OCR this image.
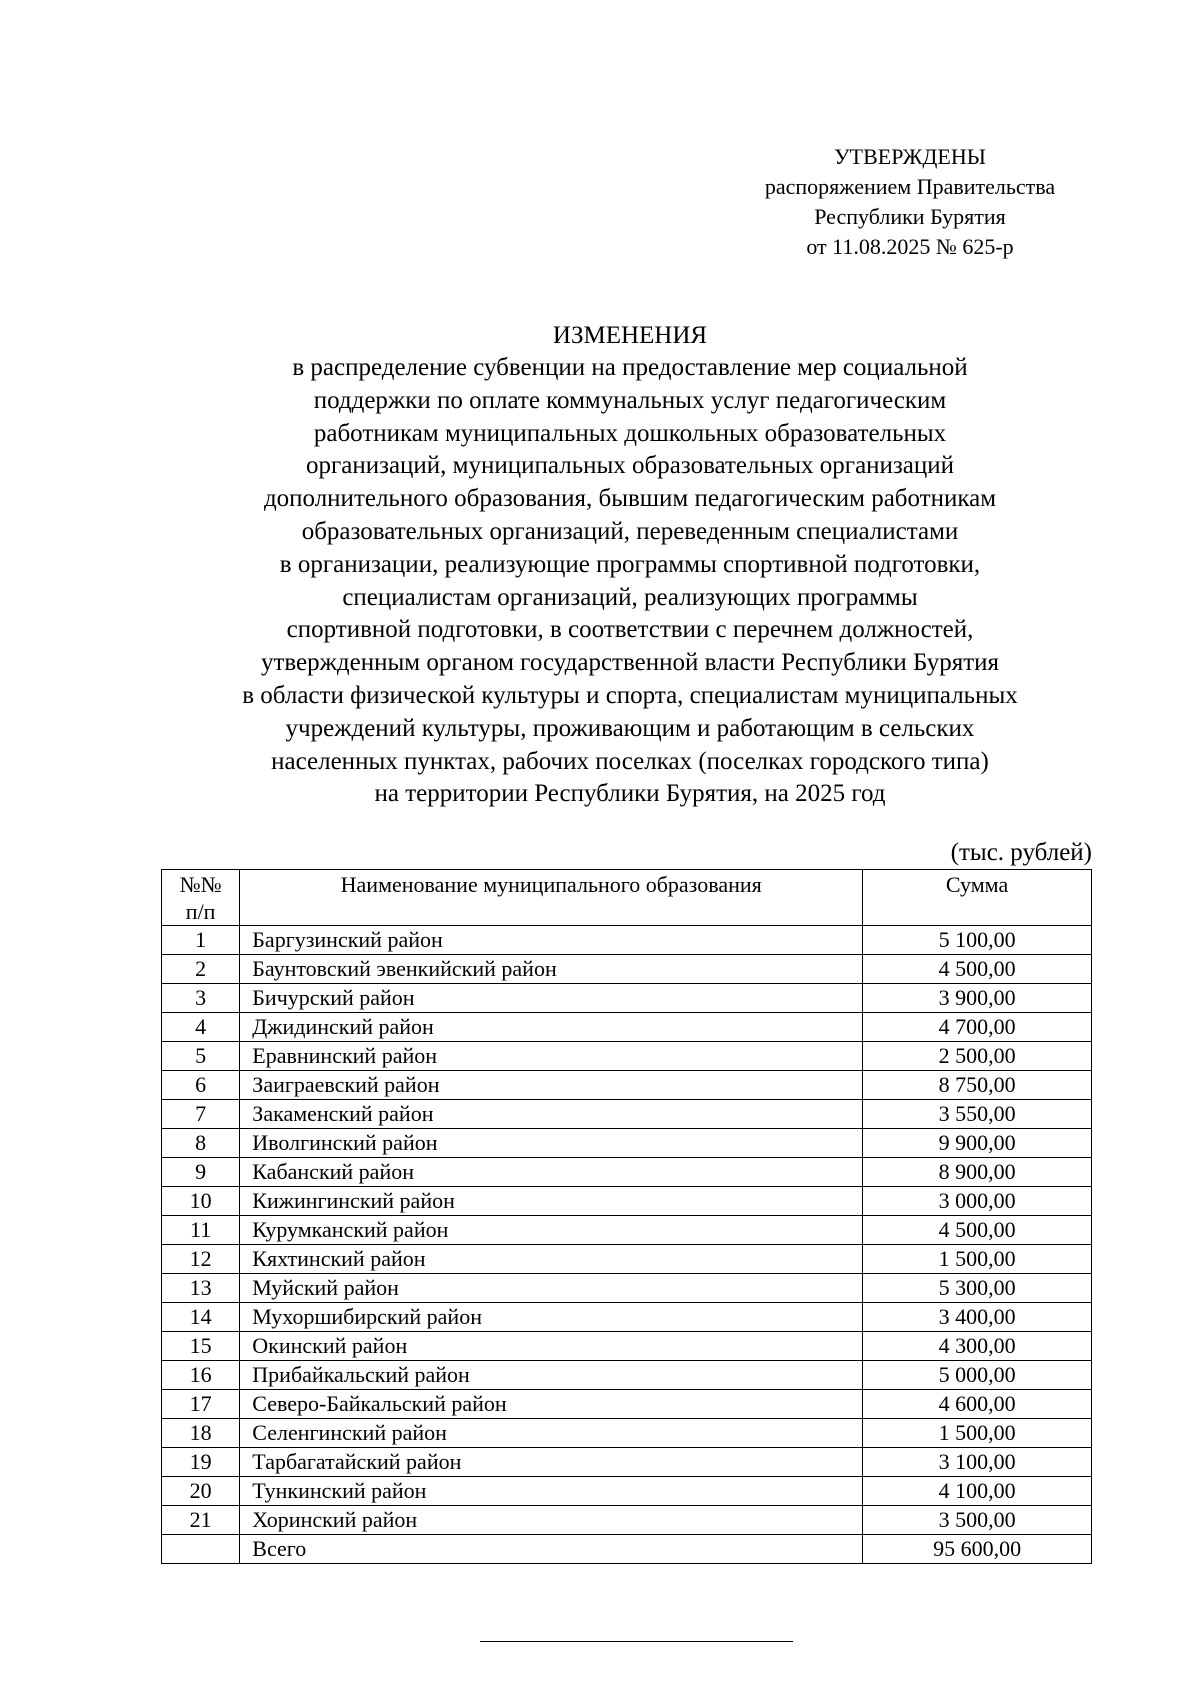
УТВЕРЖДЕНЫ
распоряжением Правительства
Республики Бурятия
от 11.08.2025 № 625-р
ИЗМЕНЕНИЯ
в распределение субвенции на предоставление мер социальной
поддержки по оплате коммунальных услуг педагогическим
работникам муниципальных дошкольных образовательных
организаций, муниципальных образовательных организаций
дополнительного образования, бывшим педагогическим работникам
образовательных организаций, переведенным специалистами
в организации, реализующие программы спортивной подготовки,
специалистам организаций, реализующих программы
спортивной подготовки, в соответствии с перечнем должностей,
утвержденным органом государственной власти Республики Бурятия
в области физической культуры и спорта, специалистам муниципальных
учреждений культуры, проживающим и работающим в сельских
населенных пунктах, рабочих поселках (поселках городского типа)
на территории Республики Бурятия, на 2025 год
(тыс. рублей)
№№ п/п	Наименование муниципального образования	Сумма
1	Баргузинский район	5 100,00
2	Баунтовский эвенкийский район	4 500,00
3	Бичурский район	3 900,00
4	Джидинский район	4 700,00
5	Еравнинский район	2 500,00
6	Заиграевский район	8 750,00
7	Закаменский район	3 550,00
8	Иволгинский район	9 900,00
9	Кабанский район	8 900,00
10	Кижингинский район	3 000,00
11	Курумканский район	4 500,00
12	Кяхтинский район	1 500,00
13	Муйский район	5 300,00
14	Мухоршибирский район	3 400,00
15	Окинский район	4 300,00
16	Прибайкальский район	5 000,00
17	Северо-Байкальский район	4 600,00
18	Селенгинский район	1 500,00
19	Тарбагатайский район	3 100,00
20	Тункинский район	4 100,00
21	Хоринский район	3 500,00
	Всего	95 600,00
